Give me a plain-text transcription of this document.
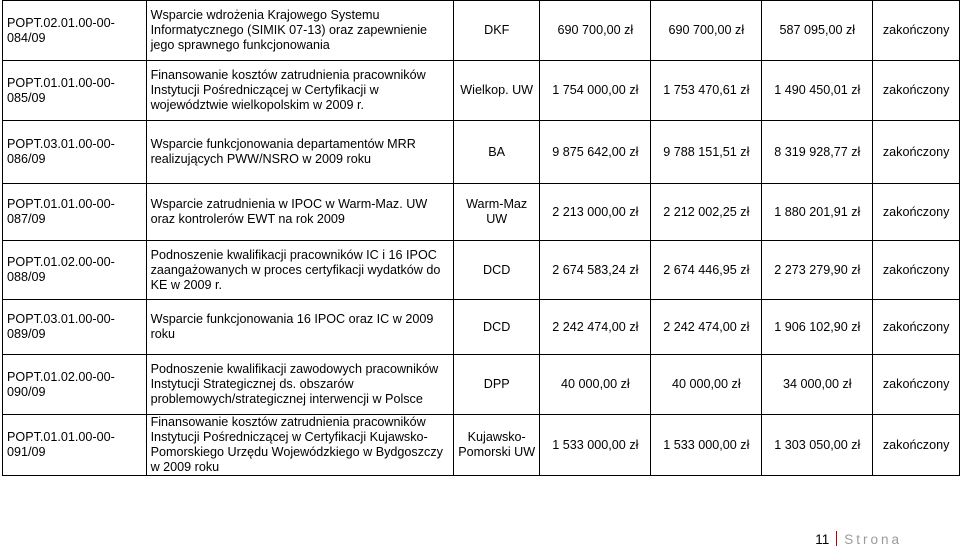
POPT.02.01.00-00-084/09	Wsparcie wdrożenia Krajowego Systemu Informatycznego (SIMIK 07-13) oraz zapewnienie jego sprawnego funkcjonowania	DKF	690 700,00 zł	690 700,00 zł	587 095,00 zł	zakończony
POPT.01.01.00-00-085/09	Finansowanie kosztów zatrudnienia pracowników Instytucji Pośredniczącej w Certyfikacji w województwie wielkopolskim w 2009 r.	Wielkop. UW	1 754 000,00 zł	1 753 470,61 zł	1 490 450,01 zł	zakończony
POPT.03.01.00-00-086/09	Wsparcie funkcjonowania departamentów MRR realizujących PWW/NSRO w 2009 roku	BA	9 875 642,00 zł	9 788 151,51 zł	8 319 928,77 zł	zakończony
POPT.01.01.00-00-087/09	Wsparcie zatrudnienia w IPOC w Warm-Maz. UW oraz kontrolerów EWT na rok 2009	Warm-Maz UW	2 213 000,00 zł	2 212 002,25 zł	1 880 201,91 zł	zakończony
POPT.01.02.00-00-088/09	Podnoszenie kwalifikacji pracowników IC i 16 IPOC zaangażowanych w proces certyfikacji wydatków do KE w 2009 r.	DCD	2 674 583,24 zł	2 674 446,95 zł	2 273 279,90 zł	zakończony
POPT.03.01.00-00-089/09	Wsparcie funkcjonowania 16 IPOC oraz IC w 2009 roku	DCD	2 242 474,00 zł	2 242 474,00 zł	1 906 102,90 zł	zakończony
POPT.01.02.00-00-090/09	Podnoszenie kwalifikacji zawodowych pracowników Instytucji Strategicznej ds. obszarów problemowych/strategicznej interwencji w Polsce	DPP	40 000,00 zł	40 000,00 zł	34 000,00 zł	zakończony
POPT.01.01.00-00-091/09	Finansowanie kosztów zatrudnienia pracowników Instytucji Pośredniczącej w Certyfikacji Kujawsko-Pomorskiego Urzędu Wojewódzkiego w Bydgoszczy w 2009 roku	Kujawsko-Pomorski UW	1 533 000,00 zł	1 533 000,00 zł	1 303 050,00 zł	zakończony
11 Strona
